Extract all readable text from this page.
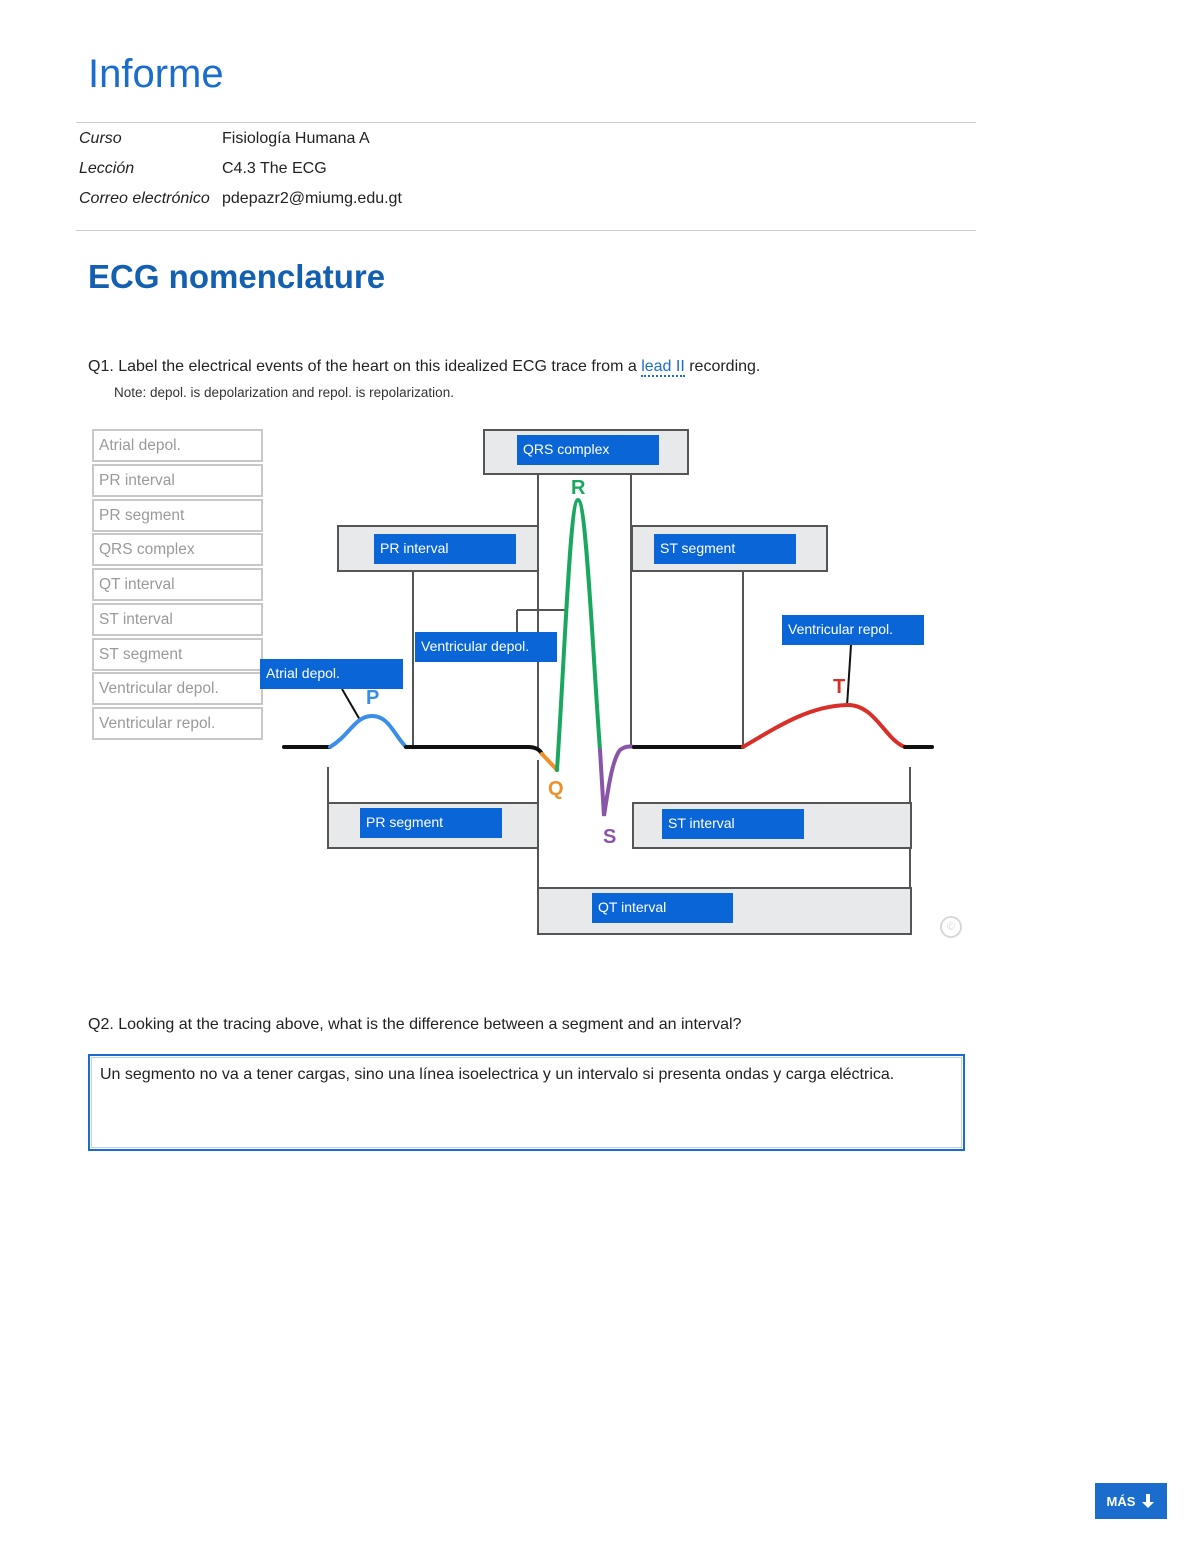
Informe
Curso	Fisiología Humana A
Lección	C4.3 The ECG
Correo electrónico pdepazr2@miumg.edu.gt
ECG nomenclature
Q1. Label the electrical events of the heart on this idealized ECG trace from a lead II recording.
Note: depol. is depolarization and repol. is repolarization.
Atrial depol.
PR interval
PR segment
QRS complex
QT interval
ST interval
ST segment
Ventricular depol.
Ventricular repol.
QRS complex
PR interval	ST segment
Ventricular repol.
Ventricular depol.
Atrial depol.
PR segment	ST interval
QT interval
P
Q
R
S
T
©
Q2. Looking at the tracing above, what is the difference between a segment and an interval?
Un segmento no va a tener cargas, sino una línea isoelectrica y un intervalo si presenta ondas y carga eléctrica.
MÁS
